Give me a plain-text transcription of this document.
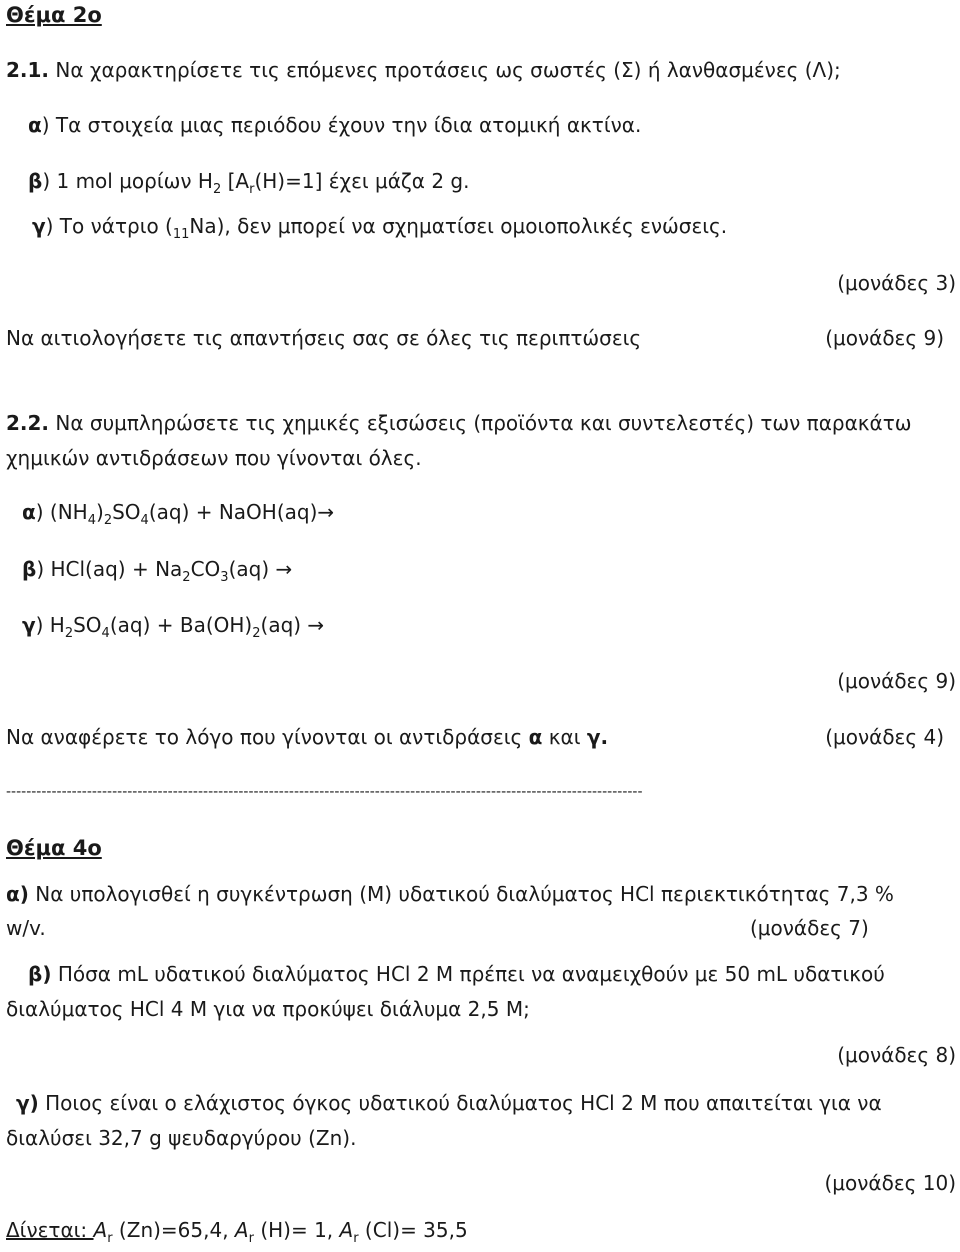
Θέμα 2ο
2.1. Να χαρακτηρίσετε τις επόμενες προτάσεις ως σωστές (Σ) ή λανθασμένες (Λ);
α) Τα στοιχεία μιας περιόδου έχουν την ίδια ατομική ακτίνα.
β) 1 mol μορίων $H_2$ $[A_r(H)=1]$ έχει μάζα 2 g.
γ) Το νάτριο $(_{11}Na)$, δεν μπορεί να σχηματίσει ομοιοπολικές ενώσεις.
(μονάδες 3)
Να αιτιολογήσετε τις απαντήσεις σας σε όλες τις περιπτώσεις	(μονάδες 9)
2.2. Να συμπληρώσετε τις χημικές εξισώσεις (προϊόντα και συντελεστές) των παρακάτω
χημικών αντιδράσεων που γίνονται όλες.
α) $(NH_4)_2SO_4(aq)$ + NaOH(aq)→
β) $HCl(aq) + Na_2CO_3(aq)$ →
γ) $H_2SO_4(aq) + Ba(OH)_2(aq)$ →
(μονάδες 9)
Να αναφέρετε το λόγο που γίνονται οι αντιδράσεις α και γ.	(μονάδες 4)
------------------------------------------------------------------------------------------------------------------------------
Θέμα 4ο
α) Να υπολογισθεί η συγκέντρωση (M) υδατικού διαλύματος HCl περιεκτικότητας 7,3 %
w/v.	(μονάδες 7)
β) Πόσα mL υδατικού διαλύματος HCl 2 M πρέπει να αναμειχθούν με 50 mL υδατικού
διαλύματος HCl 4 M για να προκύψει διάλυμα 2,5 M;
(μονάδες 8)
γ) Ποιος είναι ο ελάχιστος όγκος υδατικού διαλύματος HCl 2 M που απαιτείται για να
διαλύσει 32,7 g ψευδαργύρου (Zn).
(μονάδες 10)
Δίνεται: $A_r$ (Zn)=65,4, $A_r$ (H)= 1, $A_r$ (Cl)= 35,5
